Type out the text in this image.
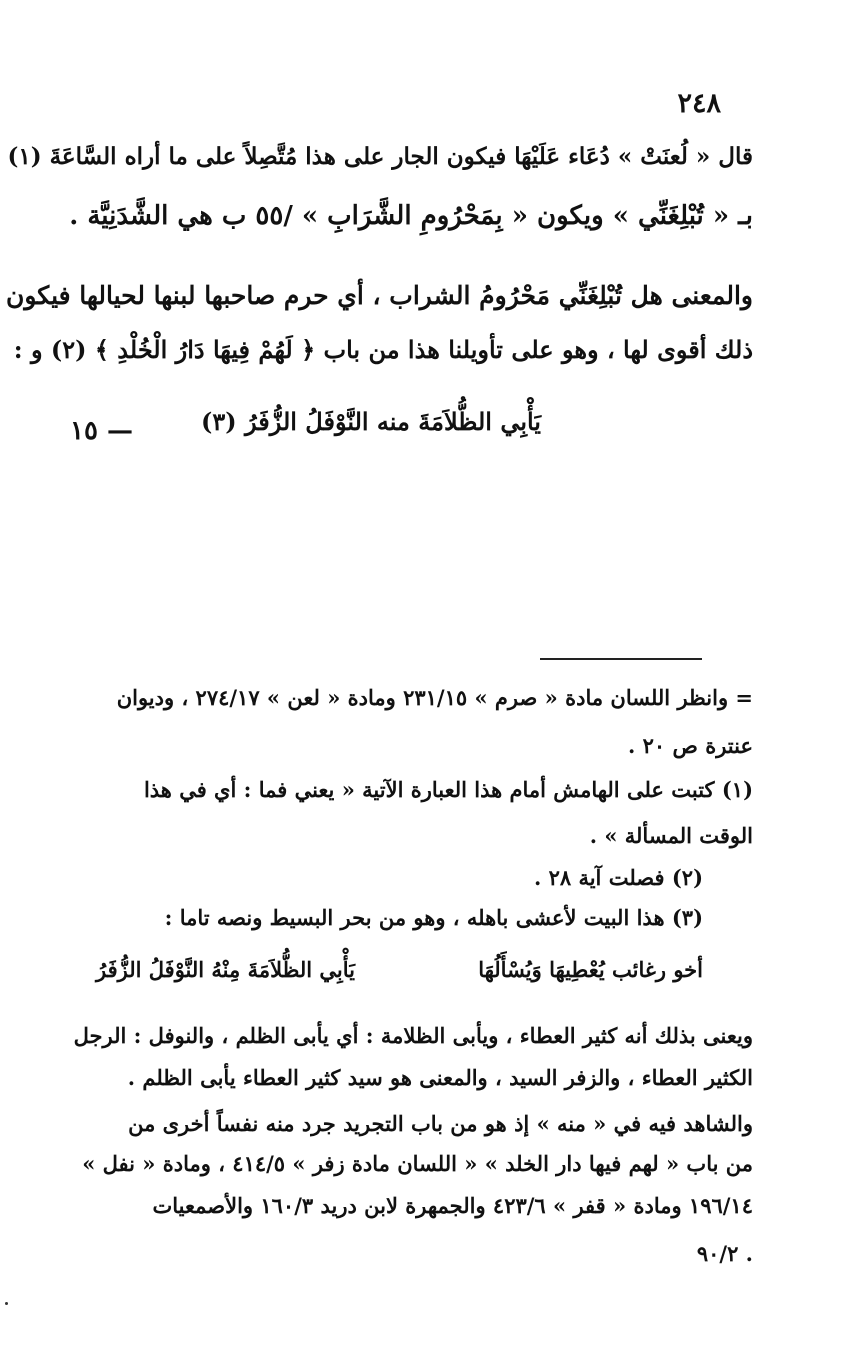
٢٤٨
قال « لُعنَتْ » دُعَاء عَلَيْهَا فيكون الجار على هذا مُتَّصِلاً على ما أراه السَّاعَةَ (١)
بـ « تُبْلِغَنِّي » ويكون « بِمَحْرُومِ الشَّرَابِ » /٥٥ ب هي الشَّدَنِيَّة .
والمعنى هل تُبْلِغَنِّي مَحْرُومُ الشراب ، أي حرم صاحبها لبنها لحيالها فيكون
ذلك أقوى لها ، وهو على تأويلنا هذا من باب ﴿ لَهُمْ فِيهَا دَارُ الْخُلْدِ ﴾ (٢) و :
يَأْبِي الظُّلاَمَةَ منه النَّوْفَلُ الزُّفَرُ (٣)
١٥ —
= وانظر اللسان مادة « صرم » ٢٣١/١٥ ومادة « لعن » ٢٧٤/١٧ ، وديوان
عنترة ص ٢٠ .
(١) كتبت على الهامش أمام هذا العبارة الآتية « يعني فما : أي في هذا
الوقت المسألة » .
(٢) فصلت آية ٢٨ .
(٣) هذا البيت لأعشى باهله ، وهو من بحر البسيط ونصه تاما :
أخو رغائب يُعْطِيهَا وَيُسْأَلُهَا
يَأْبِي الظُّلاَمَةَ مِنْهُ النَّوْفَلُ الزُّفَرُ
ويعنى بذلك أنه كثير العطاء ، ويأبى الظلامة : أي يأبى الظلم ، والنوفل : الرجل
الكثير العطاء ، والزفر السيد ، والمعنى هو سيد كثير العطاء يأبى الظلم .
والشاهد فيه في « منه » إذ هو من باب التجريد جرد منه نفساً أخرى من
من باب « لهم فيها دار الخلد » « اللسان مادة زفر » ٤١٤/٥ ، ومادة « نفل »
١٩٦/١٤ ومادة « قفر » ٤٢٣/٦ والجمهرة لابن دريد ١٦٠/٣ والأصمعيات
٩٠/٢ .
